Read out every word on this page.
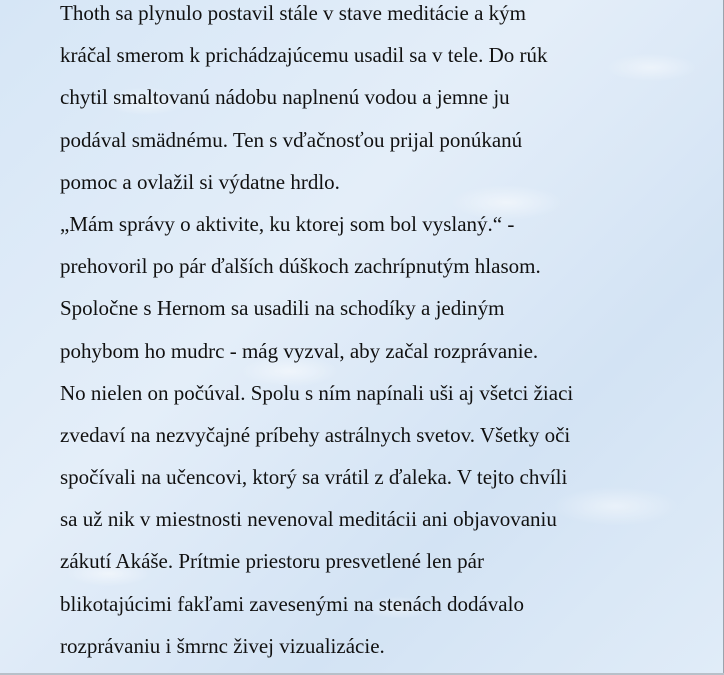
Thoth sa plynulo postavil stále v stave meditácie a kým
kráčal smerom k prichádzajúcemu usadil sa v tele. Do rúk
chytil smaltovanú nádobu naplnenú vodou a jemne ju
podával smädnému. Ten s vďačnosťou prijal ponúkanú
pomoc a ovlažil si výdatne hrdlo.
„Mám správy o aktivite, ku ktorej som bol vyslaný.“ -
prehovoril po pár ďalších dúškoch zachrípnutým hlasom.
Spoločne s Hernom sa usadili na schodíky a jediným
pohybom ho mudrc - mág vyzval, aby začal rozprávanie.
No nielen on počúval. Spolu s ním napínali uši aj všetci žiaci
zvedaví na nezvyčajné príbehy astrálnych svetov. Všetky oči
spočívali na učencovi, ktorý sa vrátil z ďaleka. V tejto chvíli
sa už nik v miestnosti nevenoval meditácii ani objavovaniu
zákutí Akáše. Prítmie priestoru presvetlené len pár
blikotajúcimi fakľami zavesenými na stenách dodávalo
rozprávaniu i šmrnc živej vizualizácie.
